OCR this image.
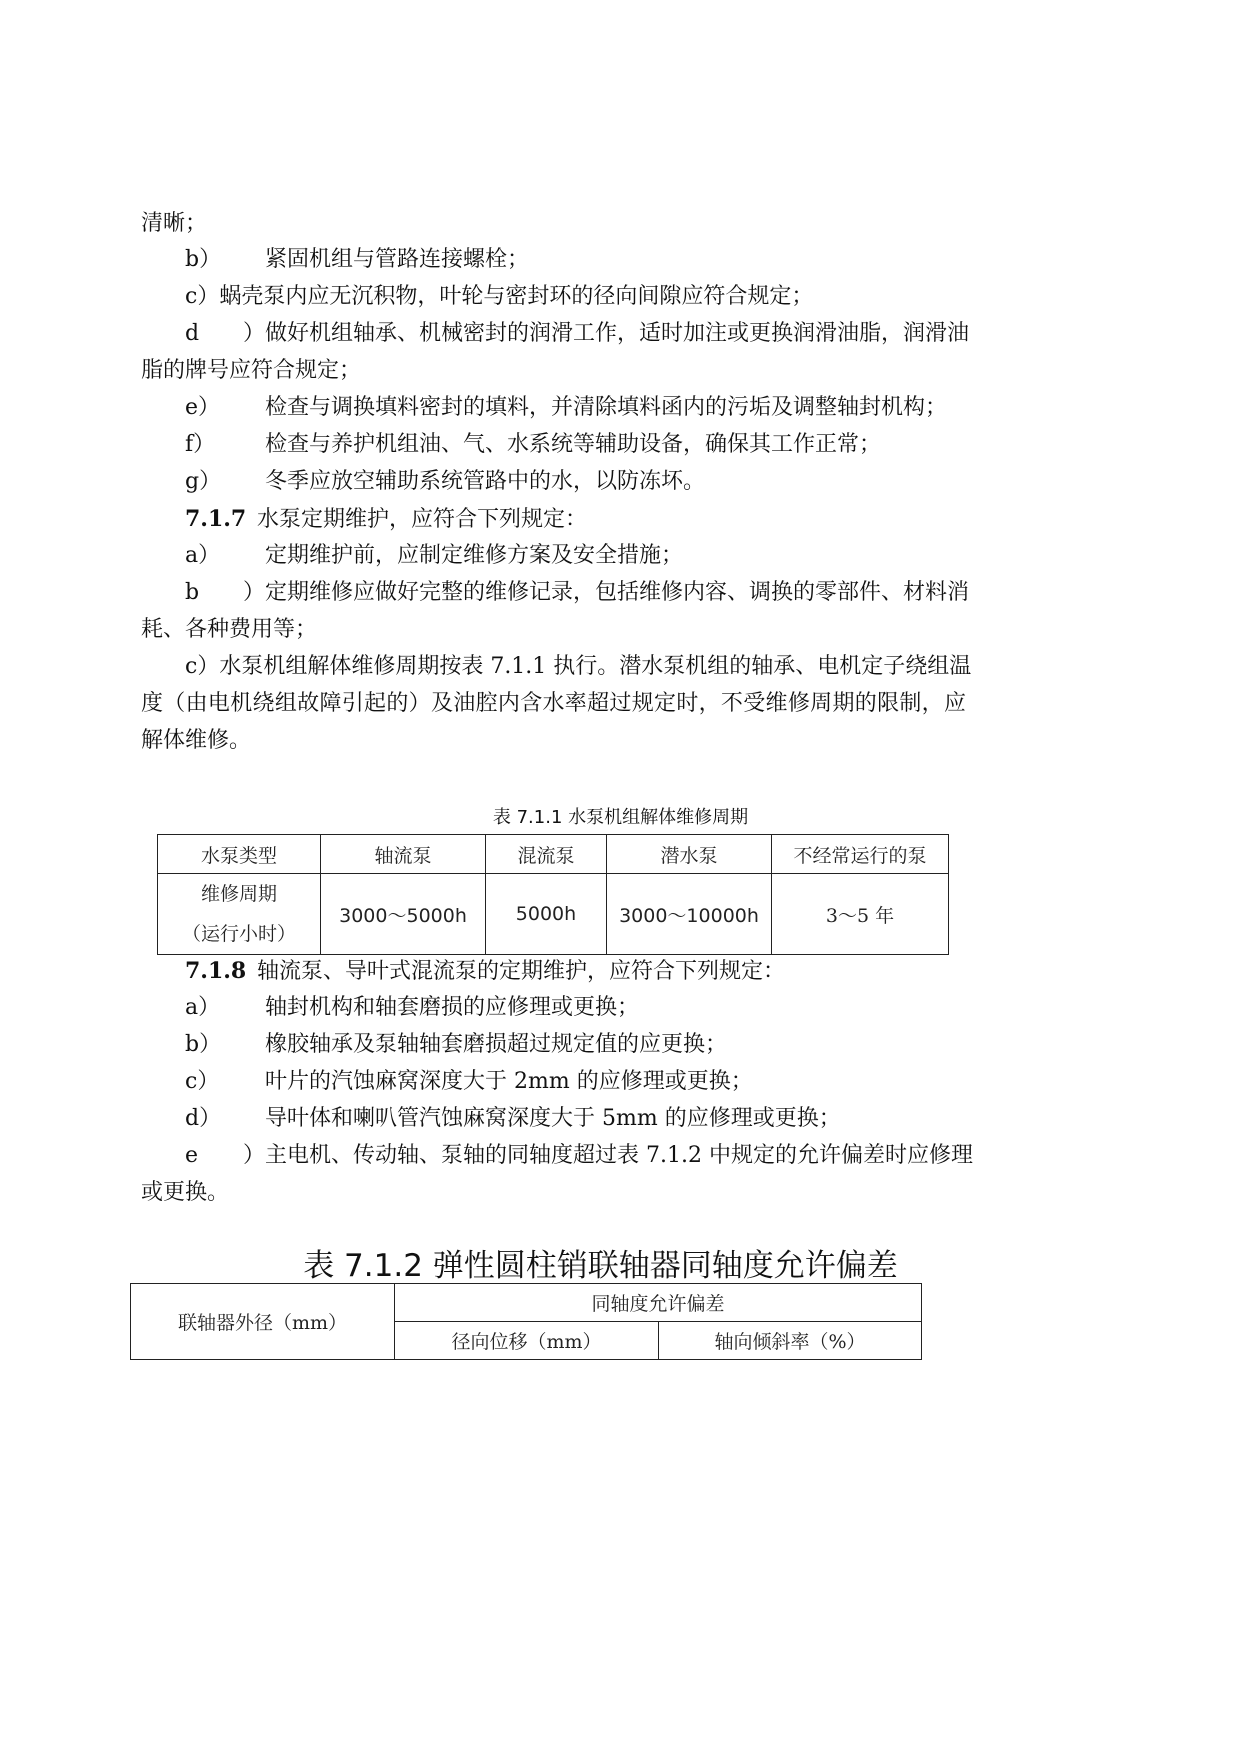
清晰；
b） 紧固机组与管路连接螺栓；
c）蜗壳泵内应无沉积物，叶轮与密封环的径向间隙应符合规定；
d）做好机组轴承、机械密封的润滑工作，适时加注或更换润滑油脂，润滑油
脂的牌号应符合规定；
e） 检查与调换填料密封的填料，并清除填料函内的污垢及调整轴封机构；
f） 检查与养护机组油、气、水系统等辅助设备，确保其工作正常；
g） 冬季应放空辅助系统管路中的水，以防冻坏。
7.1.7 水泵定期维护，应符合下列规定：
a） 定期维护前，应制定维修方案及安全措施；
b）定期维修应做好完整的维修记录，包括维修内容、调换的零部件、材料消
耗、各种费用等；
c）水泵机组解体维修周期按表 7.1.1 执行。潜水泵机组的轴承、电机定子绕组温
度（由电机绕组故障引起的）及油腔内含水率超过规定时，不受维修周期的限制，应
解体维修。
表 7.1.1 水泵机组解体维修周期
水泵类型	轴流泵	混流泵	潜水泵	不经常运行的泵

维修周期
（运行小时）	3000～5000h	5000h	3000～10000h	3～5 年
7.1.8 轴流泵、导叶式混流泵的定期维护，应符合下列规定：
a） 轴封机构和轴套磨损的应修理或更换；
b） 橡胶轴承及泵轴轴套磨损超过规定值的应更换；
c） 叶片的汽蚀麻窝深度大于 2mm 的应修理或更换；
d） 导叶体和喇叭管汽蚀麻窝深度大于 5mm 的应修理或更换；
e）主电机、传动轴、泵轴的同轴度超过表 7.1.2 中规定的允许偏差时应修理
或更换。
表 7.1.2 弹性圆柱销联轴器同轴度允许偏差
联轴器外径（mm）	同轴度允许偏差	
	径向位移（mm）	轴向倾斜率（%）
